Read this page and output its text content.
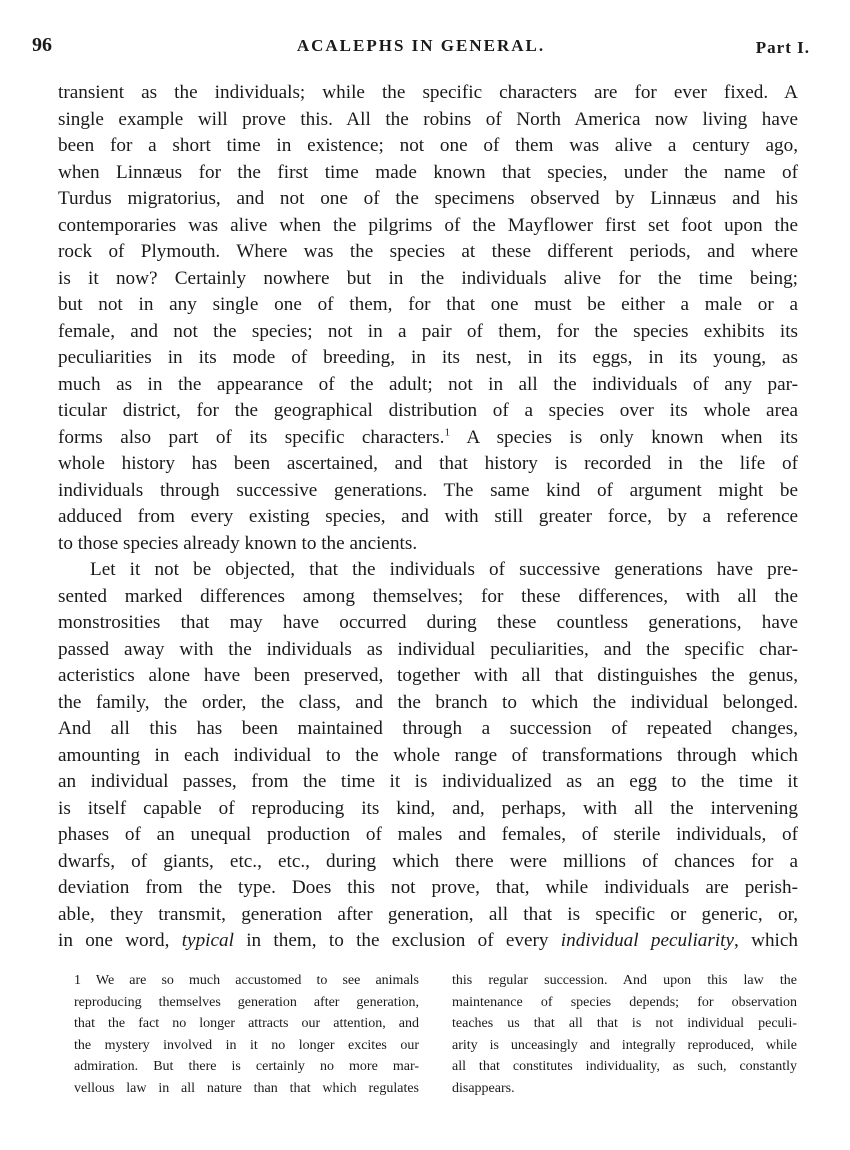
96	ACALEPHS IN GENERAL.	Part I.
transient as the individuals; while the specific characters are for ever fixed. A
single example will prove this. All the robins of North America now living have
been for a short time in existence; not one of them was alive a century ago,
when Linnæus for the first time made known that species, under the name of
Turdus migratorius, and not one of the specimens observed by Linnæus and his
contemporaries was alive when the pilgrims of the Mayflower first set foot upon the
rock of Plymouth. Where was the species at these different periods, and where
is it now? Certainly nowhere but in the individuals alive for the time being;
but not in any single one of them, for that one must be either a male or a
female, and not the species; not in a pair of them, for the species exhibits its
peculiarities in its mode of breeding, in its nest, in its eggs, in its young, as
much as in the appearance of the adult; not in all the individuals of any par-
ticular district, for the geographical distribution of a species over its whole area
forms also part of its specific characters.$^1$ A species is only known when its
whole history has been ascertained, and that history is recorded in the life of
individuals through successive generations. The same kind of argument might be
adduced from every existing species, and with still greater force, by a reference
to those species already known to the ancients.
Let it not be objected, that the individuals of successive generations have pre-
sented marked differences among themselves; for these differences, with all the
monstrosities that may have occurred during these countless generations, have
passed away with the individuals as individual peculiarities, and the specific char-
acteristics alone have been preserved, together with all that distinguishes the genus,
the family, the order, the class, and the branch to which the individual belonged.
And all this has been maintained through a succession of repeated changes,
amounting in each individual to the whole range of transformations through which
an individual passes, from the time it is individualized as an egg to the time it
is itself capable of reproducing its kind, and, perhaps, with all the intervening
phases of an unequal production of males and females, of sterile individuals, of
dwarfs, of giants, etc., etc., during which there were millions of chances for a
deviation from the type. Does this not prove, that, while individuals are perish-
able, they transmit, generation after generation, all that is specific or generic, or,
in one word, typical in them, to the exclusion of every individual peculiarity, which
1 We are so much accustomed to see animals
reproducing themselves generation after generation,
that the fact no longer attracts our attention, and
the mystery involved in it no longer excites our
admiration. But there is certainly no more mar-
vellous law in all nature than that which regulates
this regular succession. And upon this law the
maintenance of species depends; for observation
teaches us that all that is not individual peculi-
arity is unceasingly and integrally reproduced, while
all that constitutes individuality, as such, constantly
disappears.
